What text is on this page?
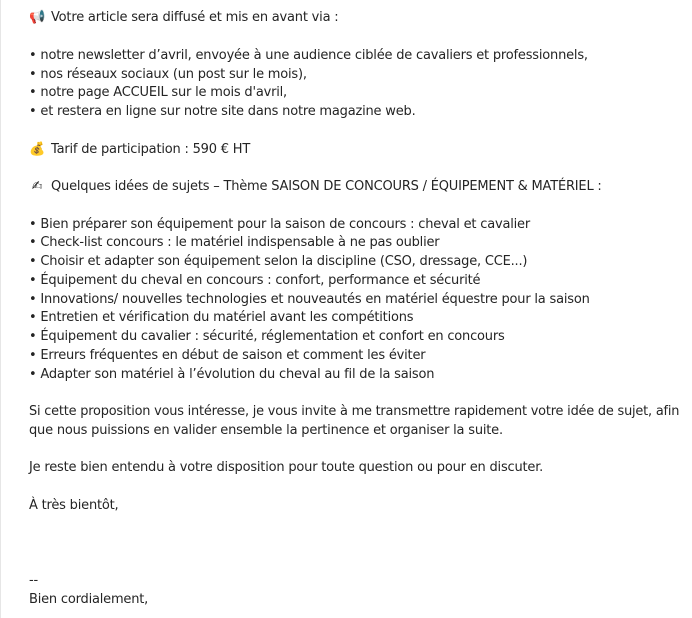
📢 Votre article sera diffusé et mis en avant via :
• notre newsletter d’avril, envoyée à une audience ciblée de cavaliers et professionnels,
• nos réseaux sociaux (un post sur le mois),
• notre page ACCUEIL sur le mois d'avril,
• et restera en ligne sur notre site dans notre magazine web.
💰 Tarif de participation : 590 € HT
✍ Quelques idées de sujets – Thème SAISON DE CONCOURS / ÉQUIPEMENT & MATÉRIEL :
• Bien préparer son équipement pour la saison de concours : cheval et cavalier
• Check-list concours : le matériel indispensable à ne pas oublier
• Choisir et adapter son équipement selon la discipline (CSO, dressage, CCE...)
• Équipement du cheval en concours : confort, performance et sécurité
• Innovations/ nouvelles technologies et nouveautés en matériel équestre pour la saison
• Entretien et vérification du matériel avant les compétitions
• Équipement du cavalier : sécurité, réglementation et confort en concours
• Erreurs fréquentes en début de saison et comment les éviter
• Adapter son matériel à l’évolution du cheval au fil de la saison
Si cette proposition vous intéresse, je vous invite à me transmettre rapidement votre idée de sujet, afin
que nous puissions en valider ensemble la pertinence et organiser la suite.
Je reste bien entendu à votre disposition pour toute question ou pour en discuter.
À très bientôt,
--
Bien cordialement,
